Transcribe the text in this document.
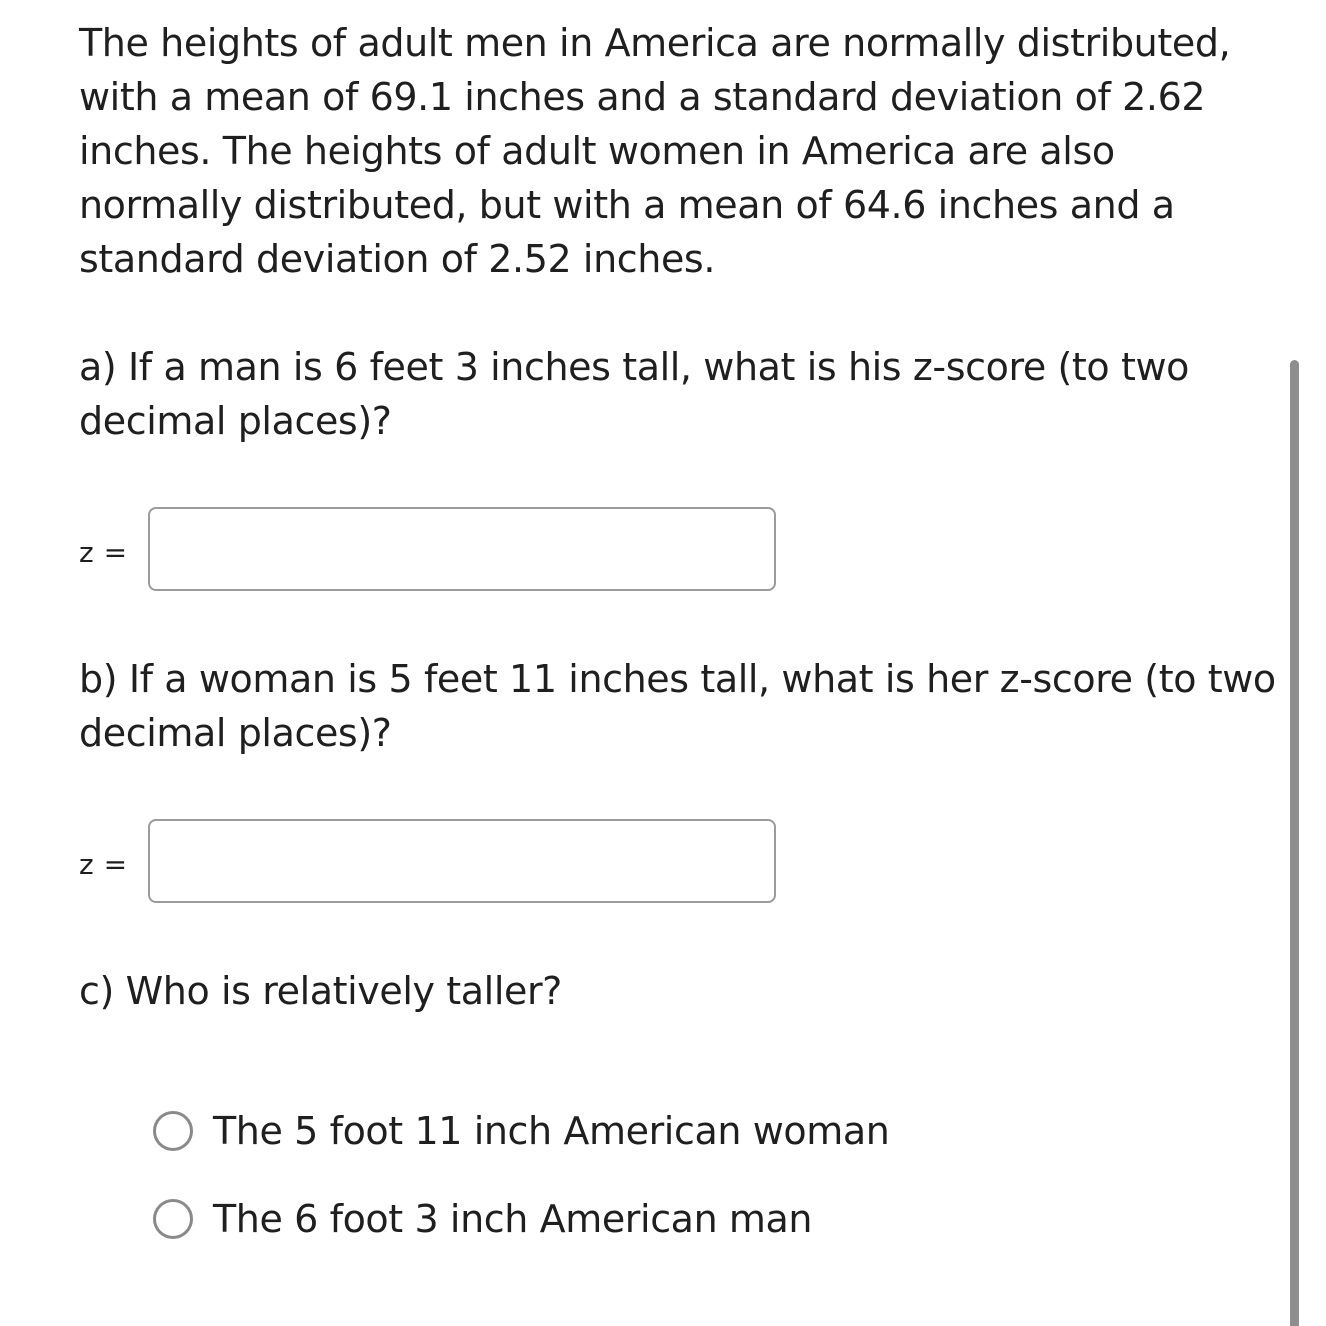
The heights of adult men in America are normally distributed, with a mean of 69.1 inches and a standard deviation of 2.62 inches. The heights of adult women in America are also normally distributed, but with a mean of 64.6 inches and a standard deviation of 2.52 inches.

a) If a man is 6 feet 3 inches tall, what is his z-score (to two decimal places)?

z =

b) If a woman is 5 feet 11 inches tall, what is her z-score (to two decimal places)?

z =

c) Who is relatively taller?

The 5 foot 11 inch American woman
The 6 foot 3 inch American man
